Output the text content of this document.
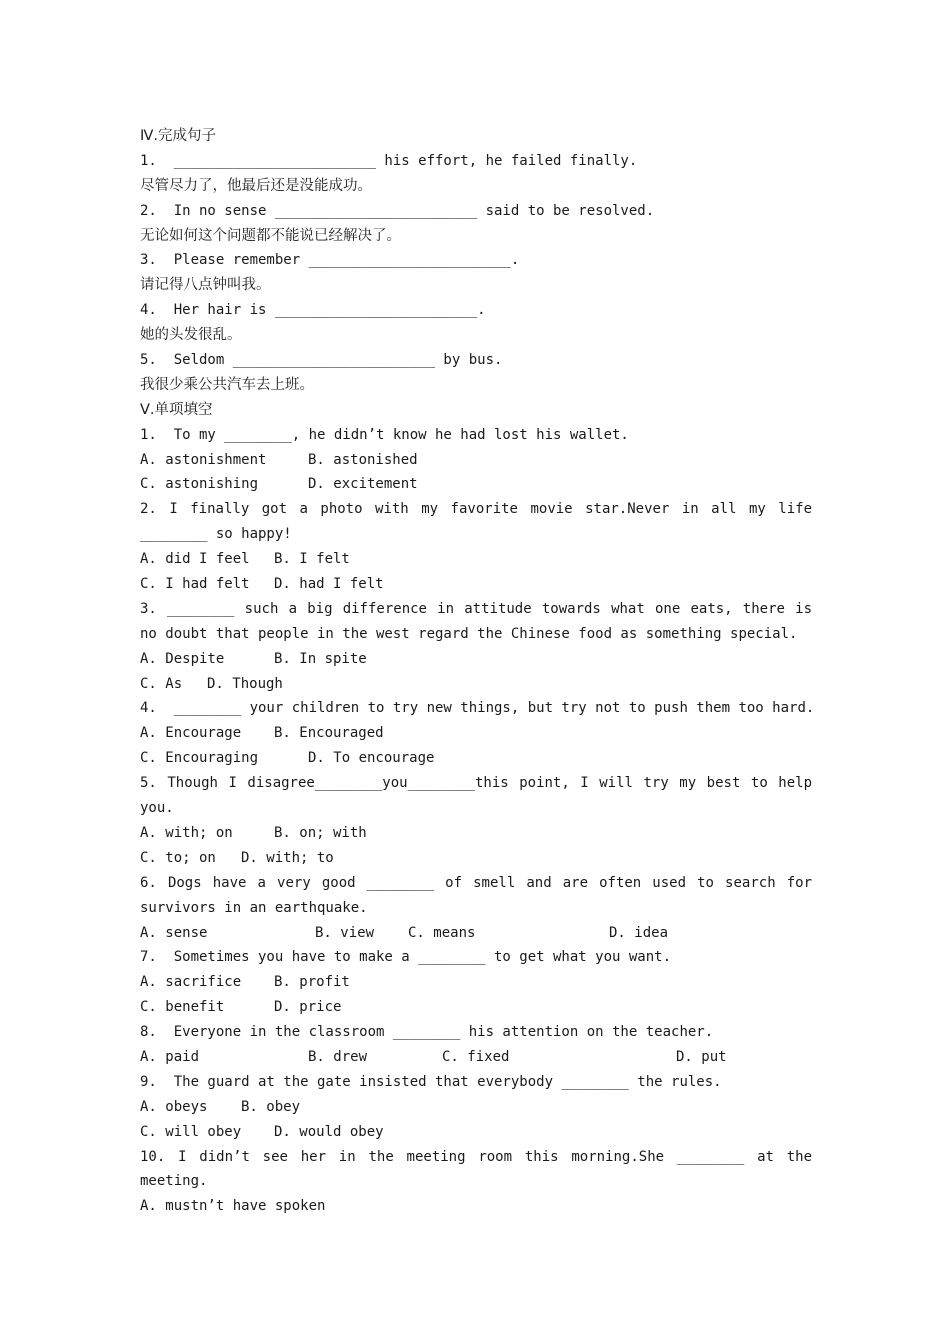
Ⅳ.完成句子
1.  ________________________ his effort, he failed finally.
尽管尽力了，他最后还是没能成功。
2.  In no sense ________________________ said to be resolved.
无论如何这个问题都不能说已经解决了。
3.  Please remember ________________________.
请记得八点钟叫我。
4.  Her hair is ________________________.
她的头发很乱。
5.  Seldom ________________________ by bus.
我很少乘公共汽车去上班。
Ⅴ.单项填空
1.  To my ________, he didn’t know he had lost his wallet.
A. astonishment	B. astonished
C. astonishing	D. excitement
2. I finally got a photo with my favorite movie star.Never in all my life
________ so happy!
A. did I feel B. I felt
C. I had felt D. had I felt
3. ________ such a big difference in attitude towards what one eats, there is
no doubt that people in the west regard the Chinese food as something special.
A. Despite	B. In spite
C. As D. Though
4.  ________ your children to try new things, but try not to push them too hard.
A. Encourage B. Encouraged
C. Encouraging	D. To encourage
5. Though I disagree________you________this point, I will try my best to help
you.
A. with; on	B. on; with
C. to; on D. with; to
6. Dogs have a very good ________ of smell and are often used to search for
survivors in an earthquake.
A. sense	B. view C. means	D. idea
7.  Sometimes you have to make a ________ to get what you want.
A. sacrifice B. profit
C. benefit	D. price
8.  Everyone in the classroom ________ his attention on the teacher.
A. paid	B. drew	C. fixed	D. put
9.  The guard at the gate insisted that everybody ________ the rules.
A. obeys B. obey
C. will obey D. would obey
10. I didn’t see her in the meeting room this morning.She ________ at the
meeting.
A. mustn’t have spoken
